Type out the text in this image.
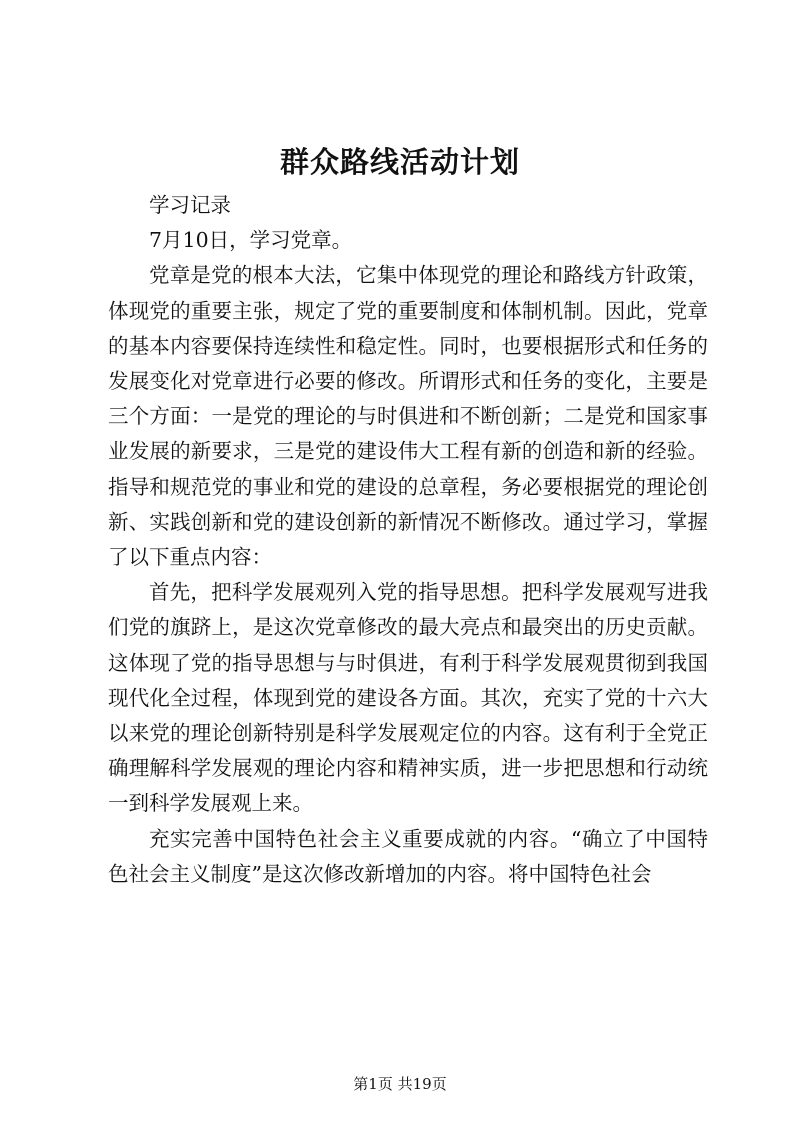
群众路线活动计划

学习记录

7月10日，学习党章。

党章是党的根本大法，它集中体现党的理论和路线方针政策，体现党的重要主张，规定了党的重要制度和体制机制。因此，党章的基本内容要保持连续性和稳定性。同时，也要根据形式和任务的发展变化对党章进行必要的修改。所谓形式和任务的变化，主要是三个方面：一是党的理论的与时俱进和不断创新；二是党和国家事业发展的新要求，三是党的建设伟大工程有新的创造和新的经验。指导和规范党的事业和党的建设的总章程，务必要根据党的理论创新、实践创新和党的建设创新的新情况不断修改。通过学习，掌握了以下重点内容：

首先，把科学发展观列入党的指导思想。把科学发展观写进我们党的旗跻上，是这次党章修改的最大亮点和最突出的历史贡献。这体现了党的指导思想与与时俱进，有利于科学发展观贯彻到我国现代化全过程，体现到党的建设各方面。其次，充实了党的十六大以来党的理论创新特别是科学发展观定位的内容。这有利于全党正确理解科学发展观的理论内容和精神实质，进一步把思想和行动统一到科学发展观上来。

充实完善中国特色社会主义重要成就的内容。“确立了中国特色社会主义制度”是这次修改新增加的内容。将中国特色社会

第1页 共19页
